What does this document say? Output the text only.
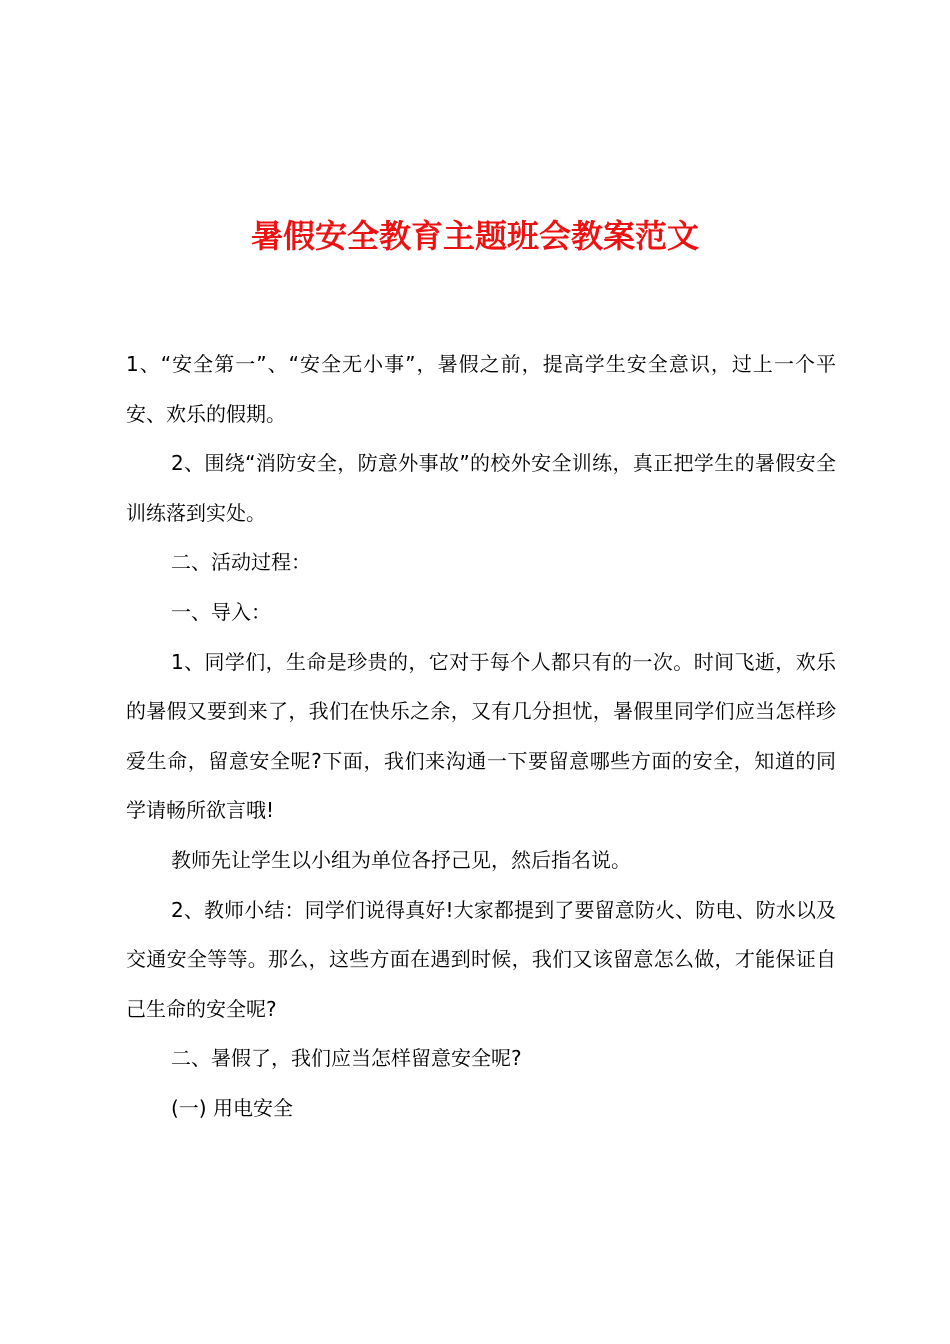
暑假安全教育主题班会教案范文

1、“安全第一”、“安全无小事”，暑假之前，提高学生安全意识，过上一个平安、欢乐的假期。

2、围绕“消防安全，防意外事故”的校外安全训练，真正把学生的暑假安全训练落到实处。

二、活动过程：

一、导入：

1、同学们，生命是珍贵的，它对于每个人都只有的一次。时间飞逝，欢乐的暑假又要到来了，我们在快乐之余，又有几分担忧，暑假里同学们应当怎样珍爱生命，留意安全呢?下面，我们来沟通一下要留意哪些方面的安全，知道的同学请畅所欲言哦!

教师先让学生以小组为单位各抒己见，然后指名说。

2、教师小结：同学们说得真好!大家都提到了要留意防火、防电、防水以及交通安全等等。那么，这些方面在遇到时候，我们又该留意怎么做，才能保证自己生命的安全呢?

二、暑假了，我们应当怎样留意安全呢?

(一) 用电安全
